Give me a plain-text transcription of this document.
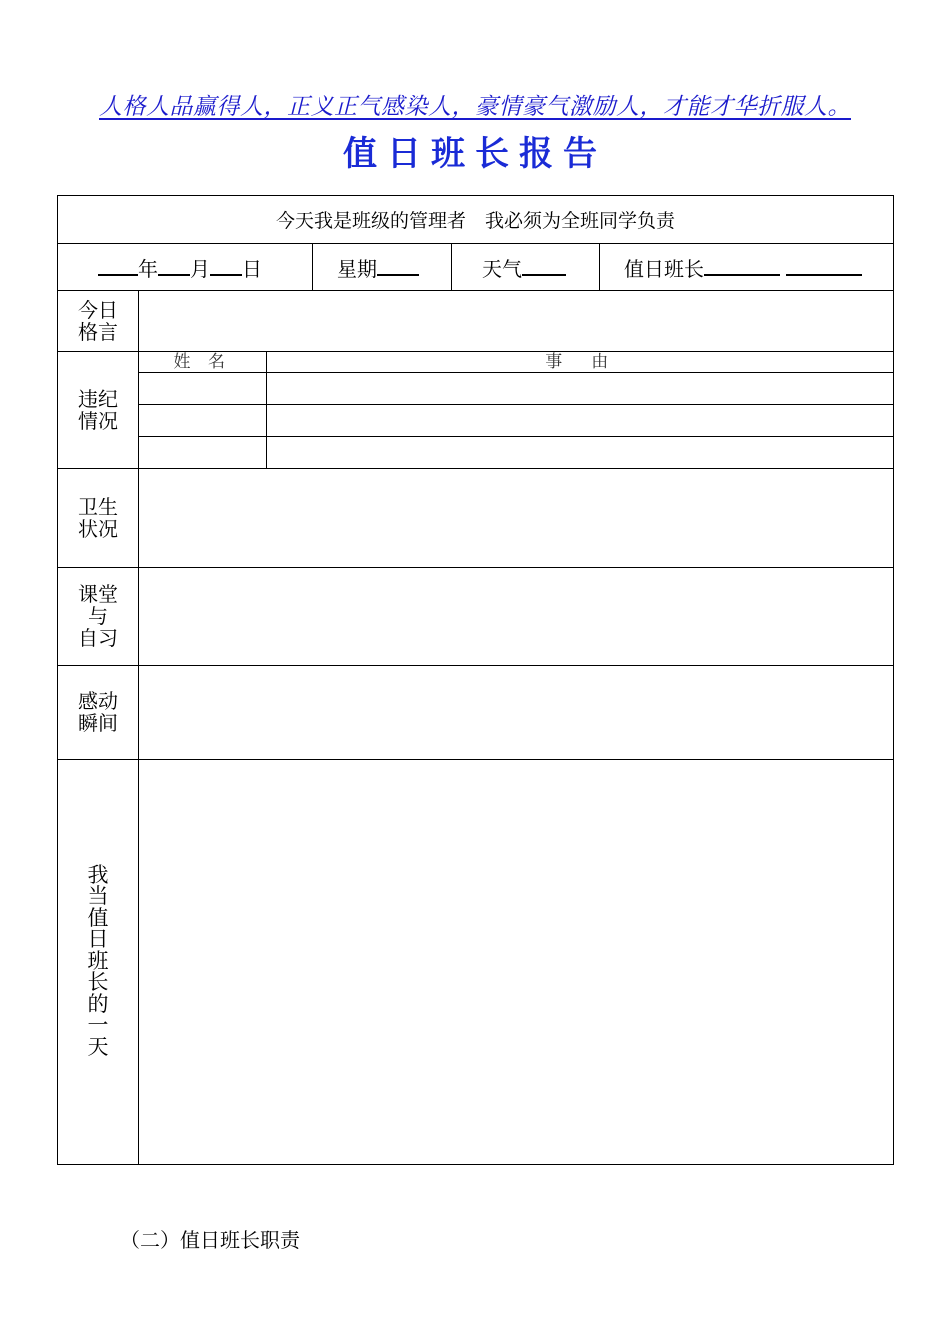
人格人品赢得人，正义正气感染人，豪情豪气激励人，才能才华折服人。
值日班长报告
今天我是班级的管理者　我必须为全班同学负责
年 月 日	星期	天气	值日班长

今日
格言

违纪
情况

姓 名	事　由

卫生
状况

课堂
与
自习

感动
瞬间

我
当
值
日
班
长
的
一
天

（二）值日班长职责
